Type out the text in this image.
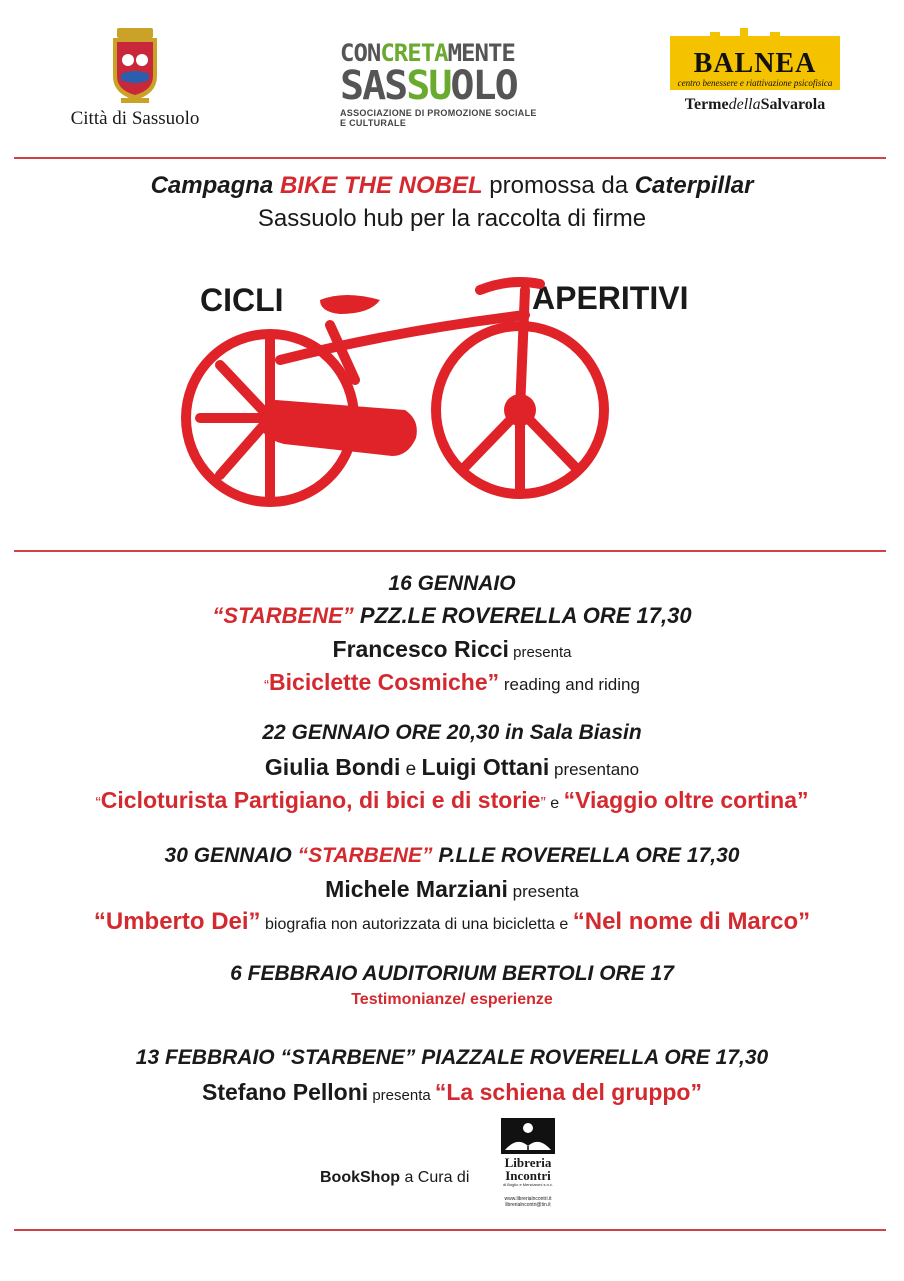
Città di Sassuolo
CONCRETAMENTE
SASSUOLO
ASSOCIAZIONE DI PROMOZIONE SOCIALE E CULTURALE
BALNEA
centro benessere e riattivazione psicofisica
TermedellaSalvarola
Campagna BIKE THE NOBEL promossa da Caterpillar
Sassuolo hub per la raccolta di firme
CICLI	APERITIVI
16 GENNAIO
“STARBENE” PZZ.LE ROVERELLA ORE 17,30
Francesco Ricci presenta
“Biciclette Cosmiche” reading and riding
22 GENNAIO ORE 20,30 in Sala Biasin
Giulia Bondi e Luigi Ottani presentano
“Cicloturista Partigiano, di bici e di storie” e “Viaggio oltre cortina”
30 GENNAIO “STARBENE” P.LLE ROVERELLA ORE 17,30
Michele Marziani presenta
“Umberto Dei” biografia non autorizzata di una bicicletta e “Nel nome di Marco”
6 FEBBRAIO AUDITORIUM BERTOLI ORE 17
Testimonianze/ esperienze
13 FEBBRAIO “STARBENE” PIAZZALE ROVERELLA ORE 17,30
Stefano Pelloni presenta “La schiena del gruppo”
BookShop a Cura di
Libreria
Incontri
di Boglio e Menciaroni s.n.c.
www.librerialncontri.it
librerialncontri@tin.it
